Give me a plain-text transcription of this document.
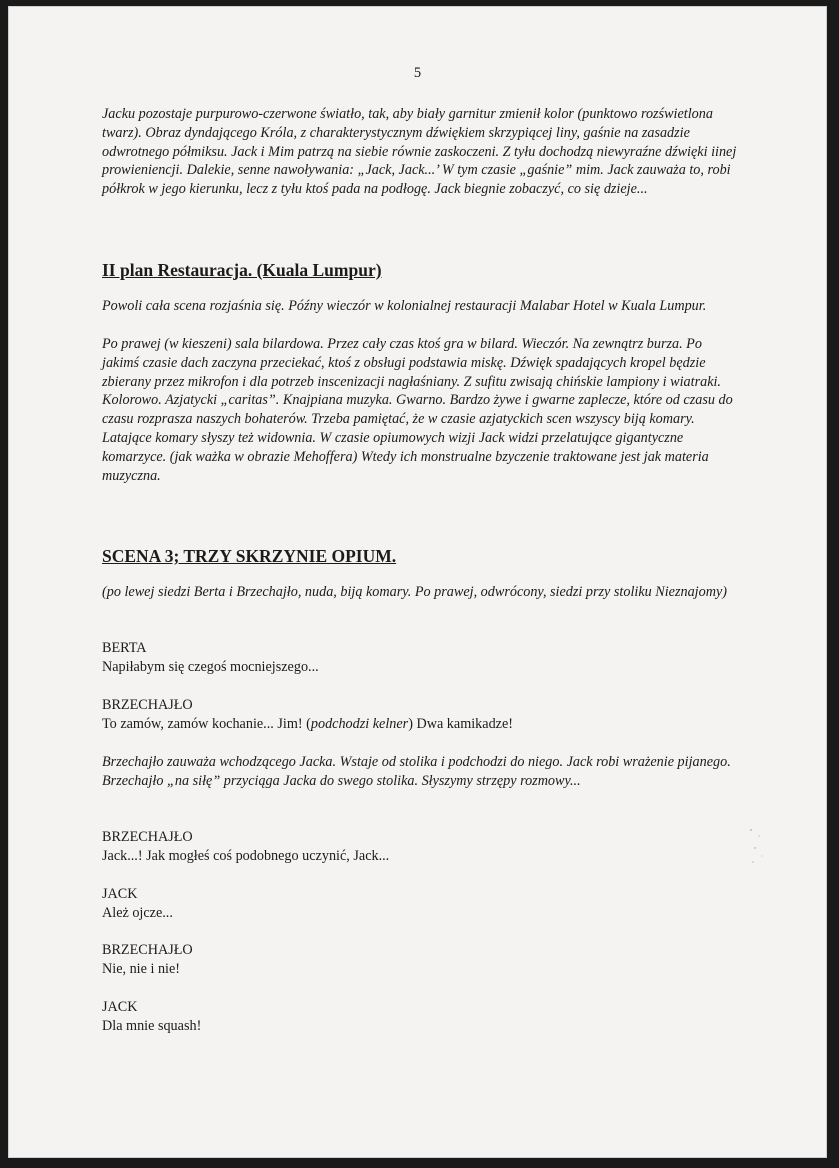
5

Jacku pozostaje purpurowo-czerwone światło, tak, aby biały garnitur zmienił kolor (punktowo rozświetlona twarz). Obraz dyndającego Króla, z charakterystycznym dźwiękiem skrzypiącej liny, gaśnie na zasadzie odwrotnego półmiksu. Jack i Mim patrzą na siebie równie zaskoczeni. Z tyłu dochodzą niewyraźne dźwięki iinej prowieniencji. Dalekie, senne nawoływania: „Jack, Jack...’ W tym czasie „gaśnie” mim. Jack zauważa to, robi półkrok w jego kierunku, lecz z tyłu ktoś pada na podłogę. Jack biegnie zobaczyć, co się dzieje...

II plan Restauracja. (Kuala Lumpur)

Powoli cała scena rozjaśnia się. Późny wieczór w kolonialnej restauracji Malabar Hotel w Kuala Lumpur.

Po prawej (w kieszeni) sala bilardowa. Przez cały czas ktoś gra w bilard. Wieczór. Na zewnątrz burza. Po jakimś czasie dach zaczyna przeciekać, ktoś z obsługi podstawia miskę. Dźwięk spadających kropel będzie zbierany przez mikrofon i dla potrzeb inscenizacji nagłaśniany. Z sufitu zwisają chińskie lampiony i wiatraki. Kolorowo. Azjatycki „caritas”. Knajpiana muzyka. Gwarno. Bardzo żywe i gwarne zaplecze, które od czasu do czasu rozprasza naszych bohaterów. Trzeba pamiętać, że w czasie azjatyckich scen wszyscy biją komary. Latające komary słyszy też widownia. W czasie opiumowych wizji Jack widzi przelatujące gigantyczne komarzyce. (jak ważka w obrazie Mehoffera) Wtedy ich monstrualne bzyczenie traktowane jest jak materia muzyczna.

SCENA 3; TRZY SKRZYNIE OPIUM.

(po lewej siedzi Berta i Brzechajło, nuda, biją komary. Po prawej, odwrócony, siedzi przy stoliku Nieznajomy)

BERTA

Napiłabym się czegoś mocniejszego...

BRZECHAJŁO

To zamów, zamów kochanie... Jim! (podchodzi kelner) Dwa kamikadze!

Brzechajło zauważa wchodzącego Jacka. Wstaje od stolika i podchodzi do niego. Jack robi wrażenie pijanego. Brzechajło „na siłę” przyciąga Jacka do swego stolika. Słyszymy strzępy rozmowy...

BRZECHAJŁO

Jack...! Jak mogłeś coś podobnego uczynić, Jack...

JACK

Ależ ojcze...

BRZECHAJŁO

Nie, nie i nie!

JACK

Dla mnie squash!
